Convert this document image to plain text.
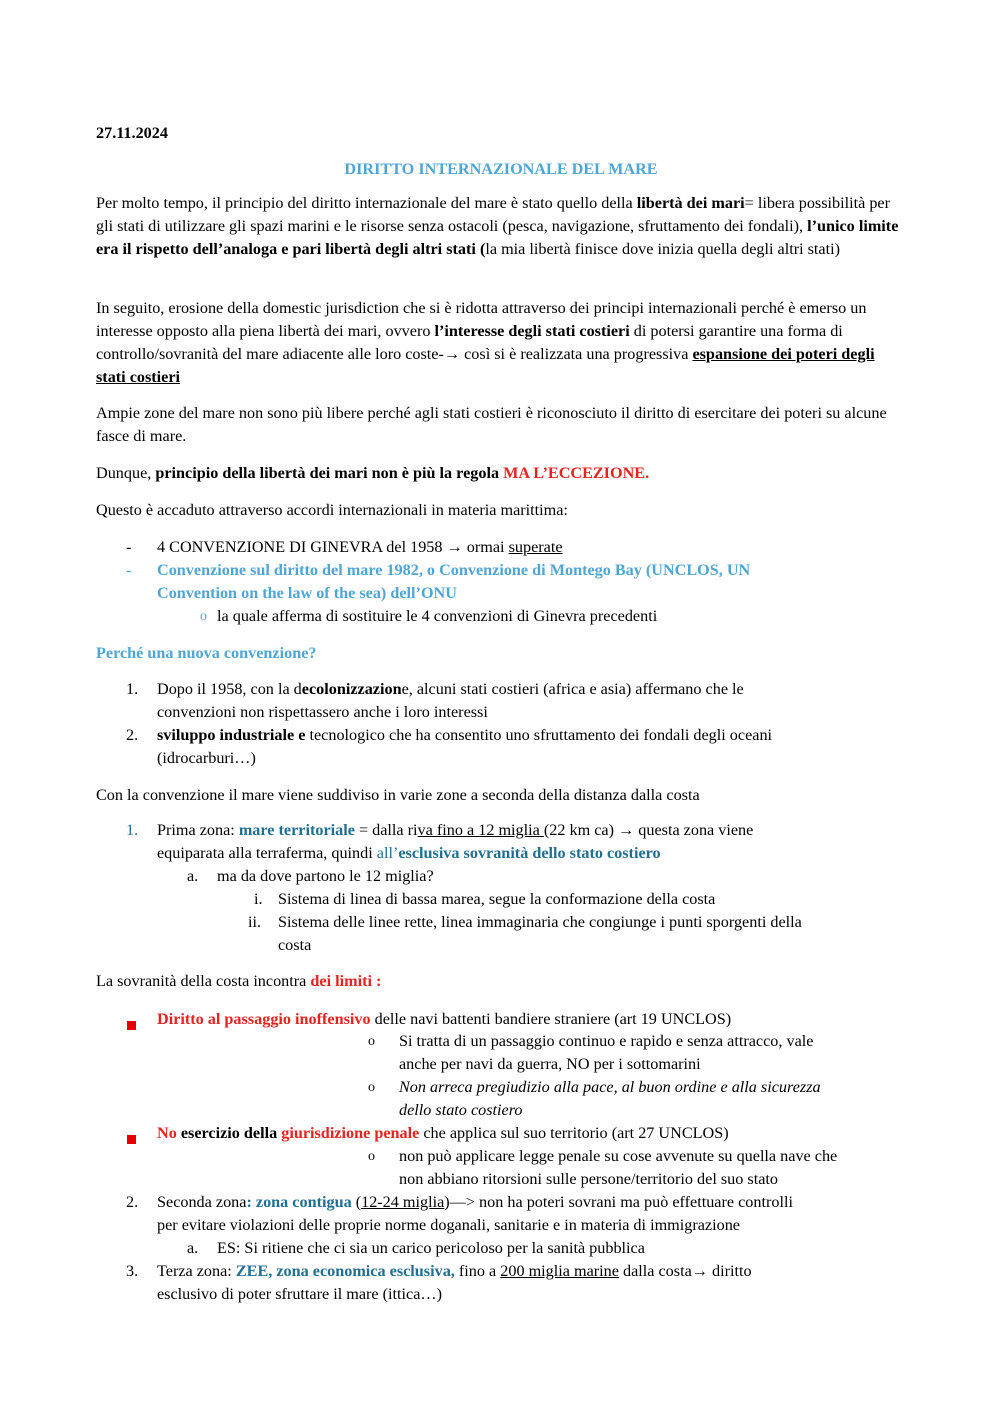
27.11.2024
DIRITTO INTERNAZIONALE DEL MARE
Per molto tempo, il principio del diritto internazionale del mare è stato quello della libertà dei mari= libera possibilità per gli stati di utilizzare gli spazi marini e le risorse senza ostacoli (pesca, navigazione, sfruttamento dei fondali), l’unico limite era il rispetto dell’analoga e pari libertà degli altri stati (la mia libertà finisce dove inizia quella degli altri stati)
In seguito, erosione della domestic jurisdiction che si è ridotta attraverso dei principi internazionali perché è emerso un interesse opposto alla piena libertà dei mari, ovvero l’interesse degli stati costieri di potersi garantire una forma di controllo/sovranità del mare adiacente alle loro coste-→ così si è realizzata una progressiva espansione dei poteri degli stati costieri
Ampie zone del mare non sono più libere perché agli stati costieri è riconosciuto il diritto di esercitare dei poteri su alcune fasce di mare.
Dunque, principio della libertà dei mari non è più la regola MA L’ECCEZIONE.
Questo è accaduto attraverso accordi internazionali in materia marittima:
- 4 CONVENZIONE DI GINEVRA del 1958 → ormai superate
- Convenzione sul diritto del mare 1982, o Convenzione di Montego Bay (UNCLOS, UN
Convention on the law of the sea) dell’ONU
o la quale afferma di sostituire le 4 convenzioni di Ginevra precedenti
Perché una nuova convenzione?
1. Dopo il 1958, con la decolonizzazione, alcuni stati costieri (africa e asia) affermano che le
convenzioni non rispettassero anche i loro interessi
2. sviluppo industriale e tecnologico che ha consentito uno sfruttamento dei fondali degli oceani
(idrocarburi…)
Con la convenzione il mare viene suddiviso in varie zone a seconda della distanza dalla costa
1. Prima zona: mare territoriale = dalla riva fino a 12 miglia (22 km ca) → questa zona viene
equiparata alla terraferma, quindi all’esclusiva sovranità dello stato costiero
a. ma da dove partono le 12 miglia?
i. Sistema di linea di bassa marea, segue la conformazione della costa
ii. Sistema delle linee rette, linea immaginaria che congiunge i punti sporgenti della
costa
La sovranità della costa incontra dei limiti :
Diritto al passaggio inoffensivo delle navi battenti bandiere straniere (art 19 UNCLOS)
o Si tratta di un passaggio continuo e rapido e senza attracco, vale
anche per navi da guerra, NO per i sottomarini
o Non arreca pregiudizio alla pace, al buon ordine e alla sicurezza
dello stato costiero
No esercizio della giurisdizione penale che applica sul suo territorio (art 27 UNCLOS)
o non può applicare legge penale su cose avvenute su quella nave che
non abbiano ritorsioni sulle persone/territorio del suo stato
2. Seconda zona: zona contigua (12-24 miglia)—> non ha poteri sovrani ma può effettuare controlli
per evitare violazioni delle proprie norme doganali, sanitarie e in materia di immigrazione
a. ES: Si ritiene che ci sia un carico pericoloso per la sanità pubblica
3. Terza zona: ZEE, zona economica esclusiva, fino a 200 miglia marine dalla costa→ diritto
esclusivo di poter sfruttare il mare (ittica…)
